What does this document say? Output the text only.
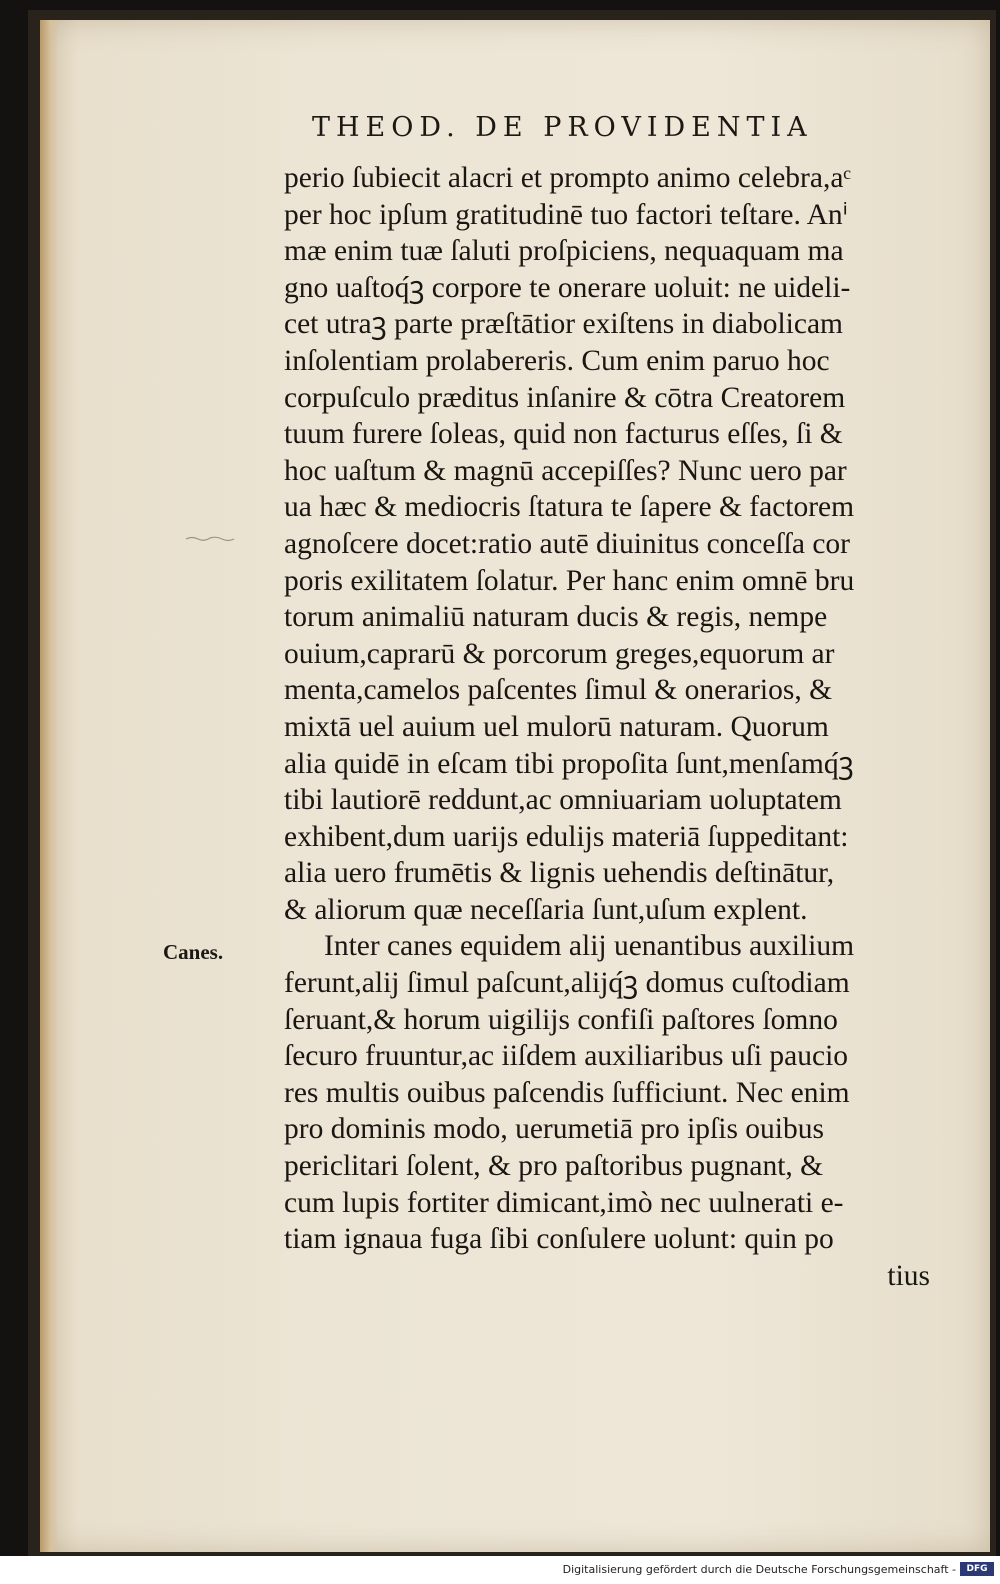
THEOD. DE PROVIDENTIA
Canes.
perio ſubiecit alacri et prompto animo celebra,aᶜ
per hoc ipſum gratitudinē tuo factori teſtare. Anⁱ
mæ enim tuæ ſaluti proſpiciens, nequaquam ma
gno uaſtoq́ꝫ corpore te onerare uoluit: ne uideli-
cet utraꝫ parte præſtātior exiſtens in diabolicam
inſolentiam prolabereris. Cum enim paruo hoc
corpuſculo præditus inſanire & cōtra Creatorem
tuum furere ſoleas, quid non facturus eſſes, ſi &
hoc uaſtum & magnū accepiſſes? Nunc uero par
ua hæc & mediocris ſtatura te ſapere & factorem
agnoſcere docet:ratio autē diuinitus conceſſa cor
poris exilitatem ſolatur. Per hanc enim omnē bru
torum animaliū naturam ducis & regis, nempe
ouium,caprarū & porcorum greges,equorum ar
menta,camelos paſcentes ſimul & onerarios, &
mixtā uel auium uel mulorū naturam. Quorum
alia quidē in eſcam tibi propoſita ſunt,menſamq́ꝫ
tibi lautiorē reddunt,ac omniuariam uoluptatem
exhibent,dum uarijs edulijs materiā ſuppeditant:
alia uero frumētis & lignis uehendis deſtinātur,
& aliorum quæ neceſſaria ſunt,uſum explent.
Inter canes equidem alij uenantibus auxilium
ferunt,alij ſimul paſcunt,alijq́ꝫ domus cuſtodiam
ſeruant,& horum uigilijs confiſi paſtores ſomno
ſecuro fruuntur,ac iiſdem auxiliaribus uſi paucio
res multis ouibus paſcendis ſufficiunt. Nec enim
pro dominis modo, uerumetiā pro ipſis ouibus
periclitari ſolent, & pro paſtoribus pugnant, &
cum lupis fortiter dimicant,imò nec uulnerati e-
tiam ignaua fuga ſibi conſulere uolunt: quin po
tius
Digitalisierung gefördert durch die Deutsche Forschungsgemeinschaft - DFG
